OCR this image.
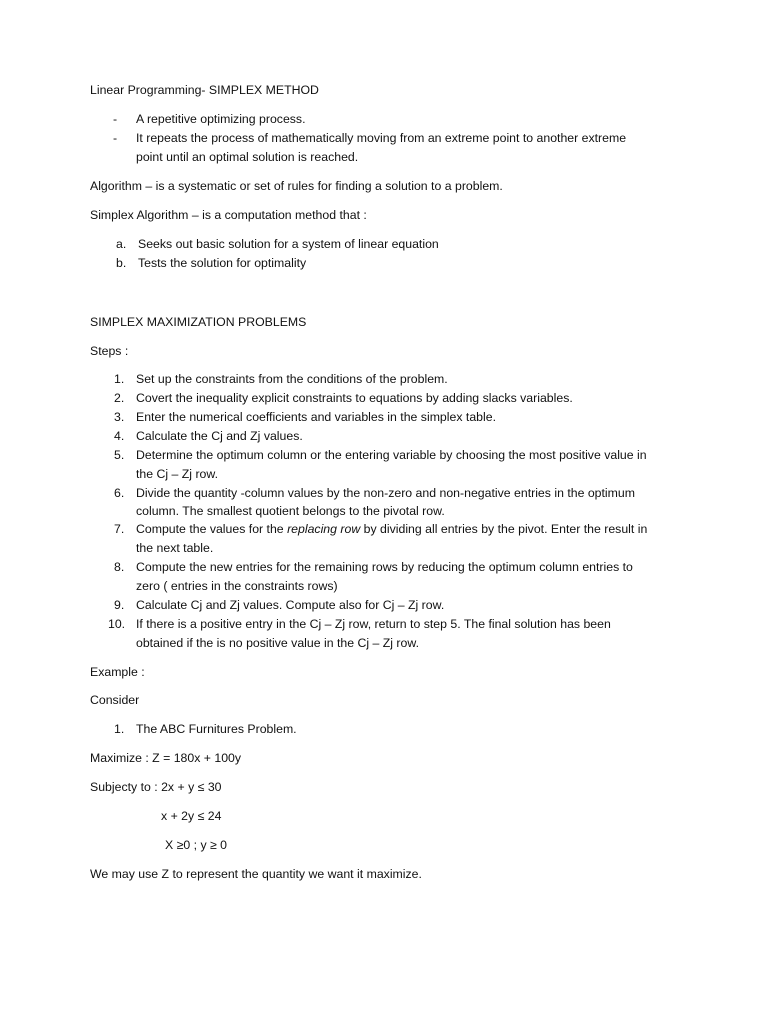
Linear Programming- SIMPLEX METHOD
- A repetitive optimizing process.
- It repeats the process of mathematically moving from an extreme point to another extreme
point until an optimal solution is reached.
Algorithm – is a systematic or set of rules for finding a solution to a problem.
Simplex Algorithm – is a computation method that :
a. Seeks out basic solution for a system of linear equation
b. Tests the solution for optimality
SIMPLEX MAXIMIZATION PROBLEMS
Steps :
1. Set up the constraints from the conditions of the problem.
2. Covert the inequality explicit constraints to equations by adding slacks variables.
3. Enter the numerical coefficients and variables in the simplex table.
4. Calculate the Cj and Zj values.
5. Determine the optimum column or the entering variable by choosing the most positive value in
the Cj – Zj row.
6. Divide the quantity -column values by the non-zero and non-negative entries in the optimum
column. The smallest quotient belongs to the pivotal row.
7. Compute the values for the replacing row by dividing all entries by the pivot. Enter the result in
the next table.
8. Compute the new entries for the remaining rows by reducing the optimum column entries to
zero ( entries in the constraints rows)
9. Calculate Cj and Zj values. Compute also for Cj – Zj row.
10. If there is a positive entry in the Cj – Zj row, return to step 5. The final solution has been
obtained if the is no positive value in the Cj – Zj row.
Example :
Consider
1. The ABC Furnitures Problem.
Maximize : Z = 180x + 100y
Subjecty to : 2x + y ≤ 30
x + 2y ≤ 24
X ≥0 ; y ≥ 0
We may use Z to represent the quantity we want it maximize.
